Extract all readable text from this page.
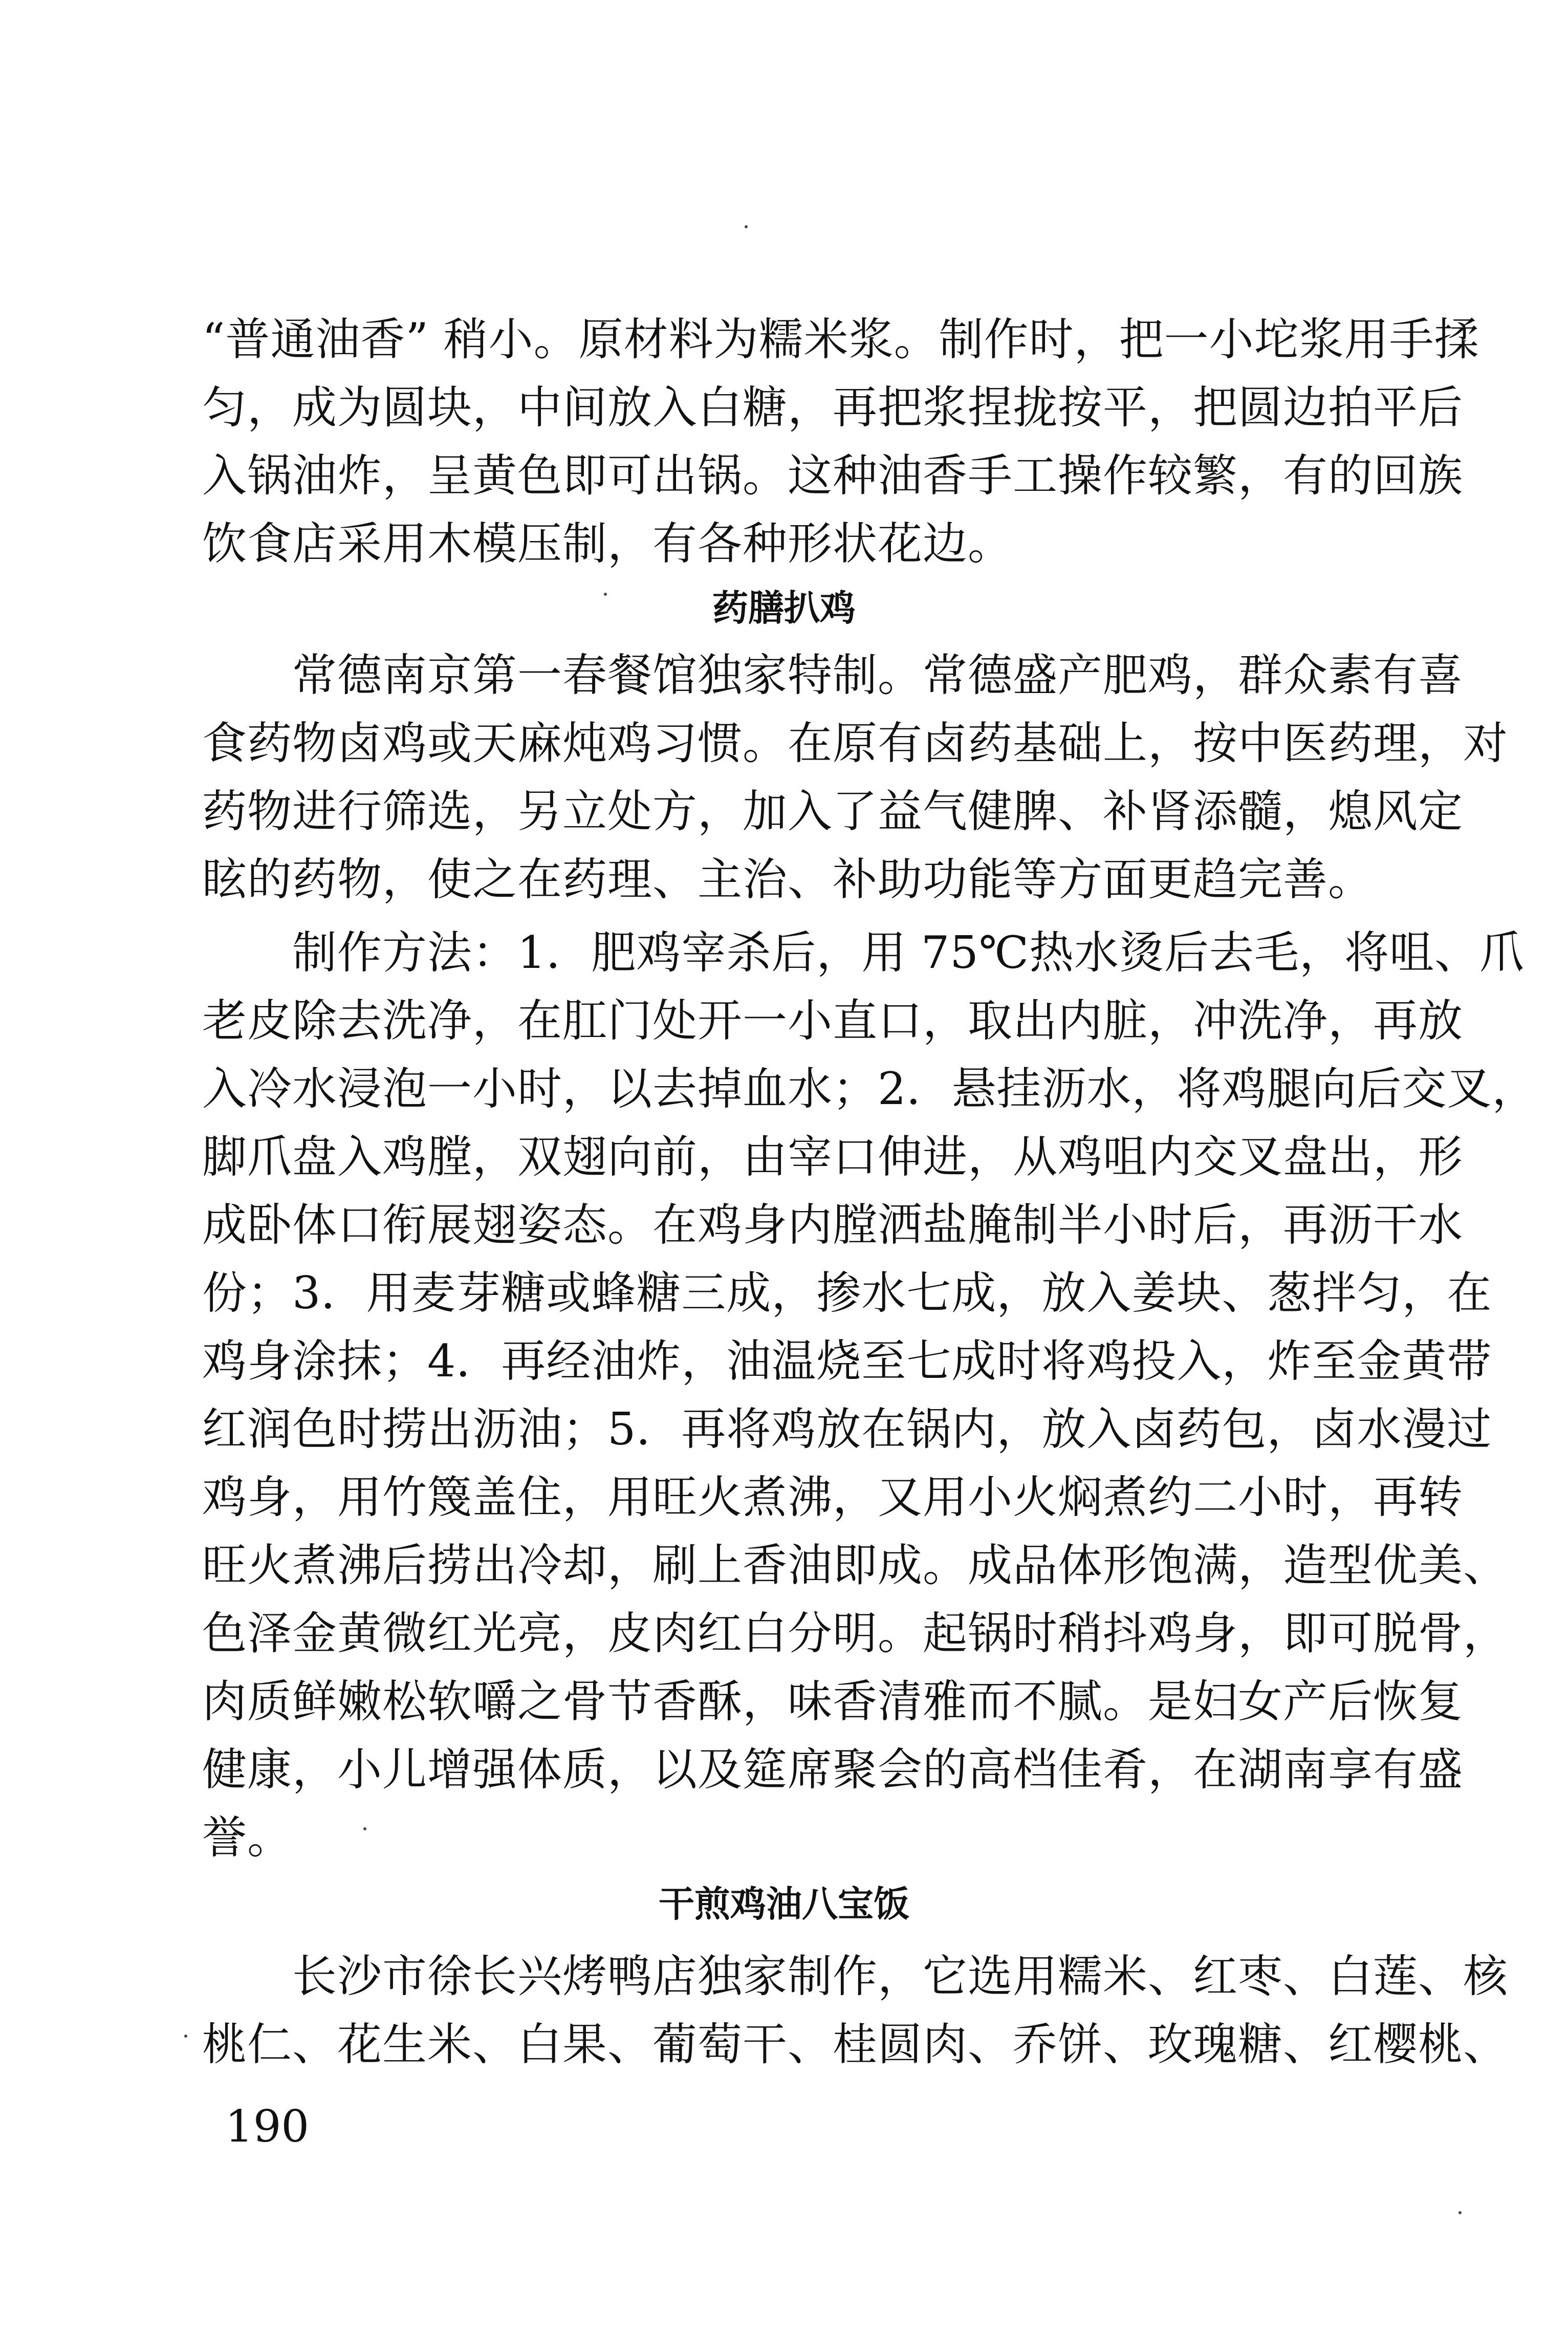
“普通油香” 稍小。原材料为糯米浆。制作时，把一小坨浆用手揉
匀，成为圆块，中间放入白糖，再把浆捏拢按平，把圆边拍平后
入锅油炸，呈黄色即可出锅。这种油香手工操作较繁，有的回族
饮食店采用木模压制，有各种形状花边。
药膳扒鸡
常德南京第一春餐馆独家特制。常德盛产肥鸡，群众素有喜
食药物卤鸡或天麻炖鸡习惯。在原有卤药基础上，按中医药理，对
药物进行筛选，另立处方，加入了益气健脾、补肾添髓，熄风定
眩的药物，使之在药理、主治、补助功能等方面更趋完善。
制作方法：1．肥鸡宰杀后，用 75℃热水烫后去毛，将咀、爪
老皮除去洗净，在肛门处开一小直口，取出内脏，冲洗净，再放
入冷水浸泡一小时，以去掉血水；2．悬挂沥水，将鸡腿向后交叉，
脚爪盘入鸡膛，双翅向前，由宰口伸进，从鸡咀内交叉盘出，形
成卧体口衔展翅姿态。在鸡身内膛洒盐腌制半小时后，再沥干水
份；3．用麦芽糖或蜂糖三成，掺水七成，放入姜块、葱拌匀，在
鸡身涂抹；4．再经油炸，油温烧至七成时将鸡投入，炸至金黄带
红润色时捞出沥油；5．再将鸡放在锅内，放入卤药包，卤水漫过
鸡身，用竹篾盖住，用旺火煮沸，又用小火焖煮约二小时，再转
旺火煮沸后捞出冷却，刷上香油即成。成品体形饱满，造型优美、
色泽金黄微红光亮，皮肉红白分明。起锅时稍抖鸡身，即可脱骨，
肉质鲜嫩松软嚼之骨节香酥，味香清雅而不腻。是妇女产后恢复
健康，小儿增强体质，以及筵席聚会的高档佳肴，在湖南享有盛
誉。
干煎鸡油八宝饭
长沙市徐长兴烤鸭店独家制作，它选用糯米、红枣、白莲、核
桃仁、花生米、白果、葡萄干、桂圆肉、乔饼、玫瑰糖、红樱桃、
190
